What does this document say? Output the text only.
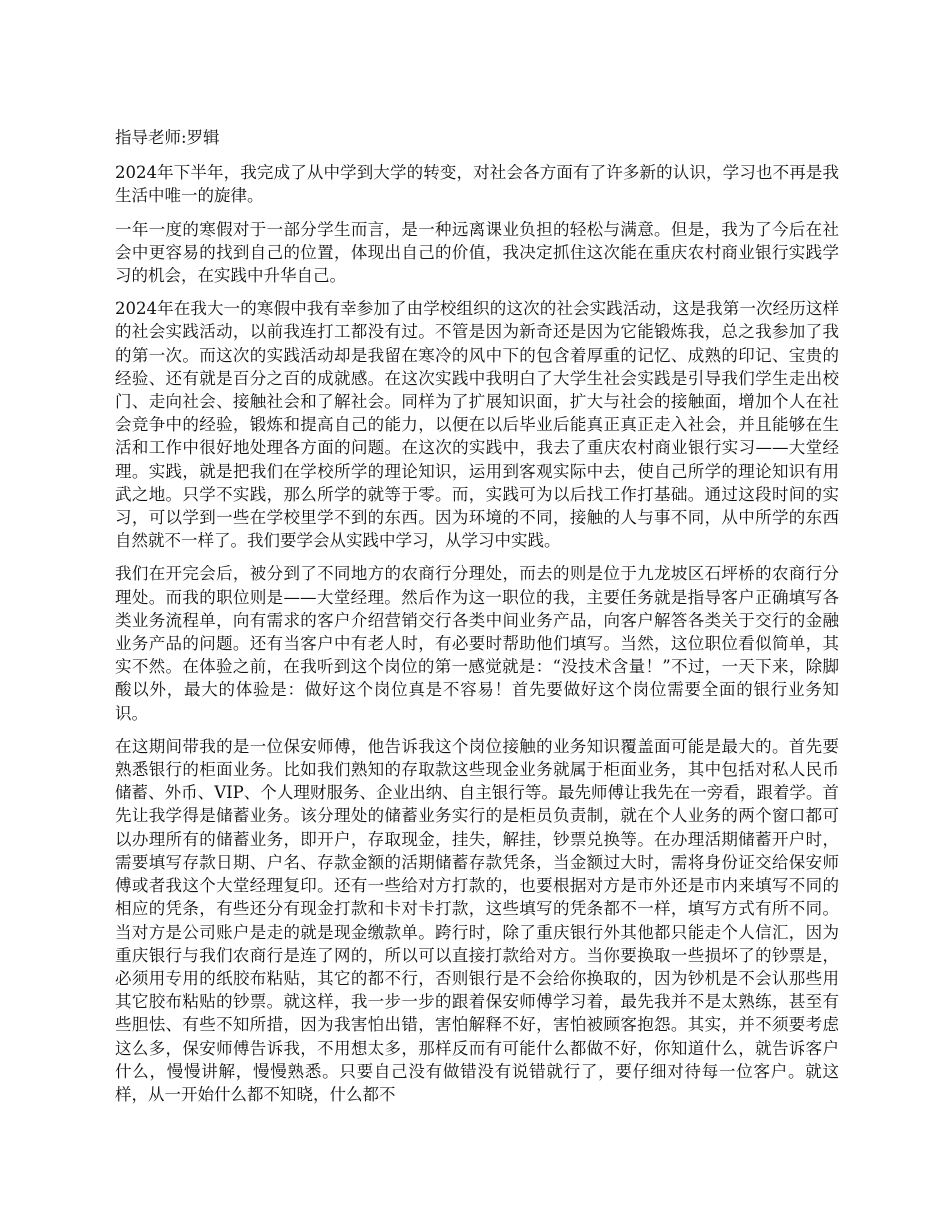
指导老师:罗辑

2024年下半年，我完成了从中学到大学的转变，对社会各方面有了许多新的认识，学习也不再是我生活中唯一的旋律。

一年一度的寒假对于一部分学生而言，是一种远离课业负担的轻松与满意。但是，我为了今后在社会中更容易的找到自己的位置，体现出自己的价值，我决定抓住这次能在重庆农村商业银行实践学习的机会，在实践中升华自己。

2024年在我大一的寒假中我有幸参加了由学校组织的这次的社会实践活动，这是我第一次经历这样的社会实践活动，以前我连打工都没有过。不管是因为新奇还是因为它能锻炼我，总之我参加了我的第一次。而这次的实践活动却是我留在寒冷的风中下的包含着厚重的记忆、成熟的印记、宝贵的经验、还有就是百分之百的成就感。在这次实践中我明白了大学生社会实践是引导我们学生走出校门、走向社会、接触社会和了解社会。同样为了扩展知识面，扩大与社会的接触面，增加个人在社会竞争中的经验，锻炼和提高自己的能力，以便在以后毕业后能真正真正走入社会，并且能够在生活和工作中很好地处理各方面的问题。在这次的实践中，我去了重庆农村商业银行实习——大堂经理。实践，就是把我们在学校所学的理论知识，运用到客观实际中去，使自己所学的理论知识有用武之地。只学不实践，那么所学的就等于零。而，实践可为以后找工作打基础。通过这段时间的实习，可以学到一些在学校里学不到的东西。因为环境的不同，接触的人与事不同，从中所学的东西自然就不一样了。我们要学会从实践中学习，从学习中实践。

我们在开完会后，被分到了不同地方的农商行分理处，而去的则是位于九龙坡区石坪桥的农商行分理处。而我的职位则是——大堂经理。然后作为这一职位的我，主要任务就是指导客户正确填写各类业务流程单，向有需求的客户介绍营销交行各类中间业务产品，向客户解答各类关于交行的金融业务产品的问题。还有当客户中有老人时，有必要时帮助他们填写。当然，这位职位看似简单，其实不然。在体验之前，在我听到这个岗位的第一感觉就是：“没技术含量！”不过，一天下来，除脚酸以外，最大的体验是：做好这个岗位真是不容易！首先要做好这个岗位需要全面的银行业务知识。

在这期间带我的是一位保安师傅，他告诉我这个岗位接触的业务知识覆盖面可能是最大的。首先要熟悉银行的柜面业务。比如我们熟知的存取款这些现金业务就属于柜面业务，其中包括对私人民币储蓄、外币、VIP、个人理财服务、企业出纳、自主银行等。最先师傅让我先在一旁看，跟着学。首先让我学得是储蓄业务。该分理处的储蓄业务实行的是柜员负责制，就在个人业务的两个窗口都可以办理所有的储蓄业务，即开户，存取现金，挂失，解挂，钞票兑换等。在办理活期储蓄开户时，需要填写存款日期、户名、存款金额的活期储蓄存款凭条，当金额过大时，需将身份证交给保安师傅或者我这个大堂经理复印。还有一些给对方打款的，也要根据对方是市外还是市内来填写不同的相应的凭条，有些还分有现金打款和卡对卡打款，这些填写的凭条都不一样，填写方式有所不同。当对方是公司账户是走的就是现金缴款单。跨行时，除了重庆银行外其他都只能走个人信汇，因为重庆银行与我们农商行是连了网的，所以可以直接打款给对方。当你要换取一些损坏了的钞票是，必须用专用的纸胶布粘贴，其它的都不行，否则银行是不会给你换取的，因为钞机是不会认那些用其它胶布粘贴的钞票。就这样，我一步一步的跟着保安师傅学习着，最先我并不是太熟练，甚至有些胆怯、有些不知所措，因为我害怕出错，害怕解释不好，害怕被顾客抱怨。其实，并不须要考虑这么多，保安师傅告诉我，不用想太多，那样反而有可能什么都做不好，你知道什么，就告诉客户什么，慢慢讲解，慢慢熟悉。只要自己没有做错没有说错就行了，要仔细对待每一位客户。就这样，从一开始什么都不知晓，什么都不
